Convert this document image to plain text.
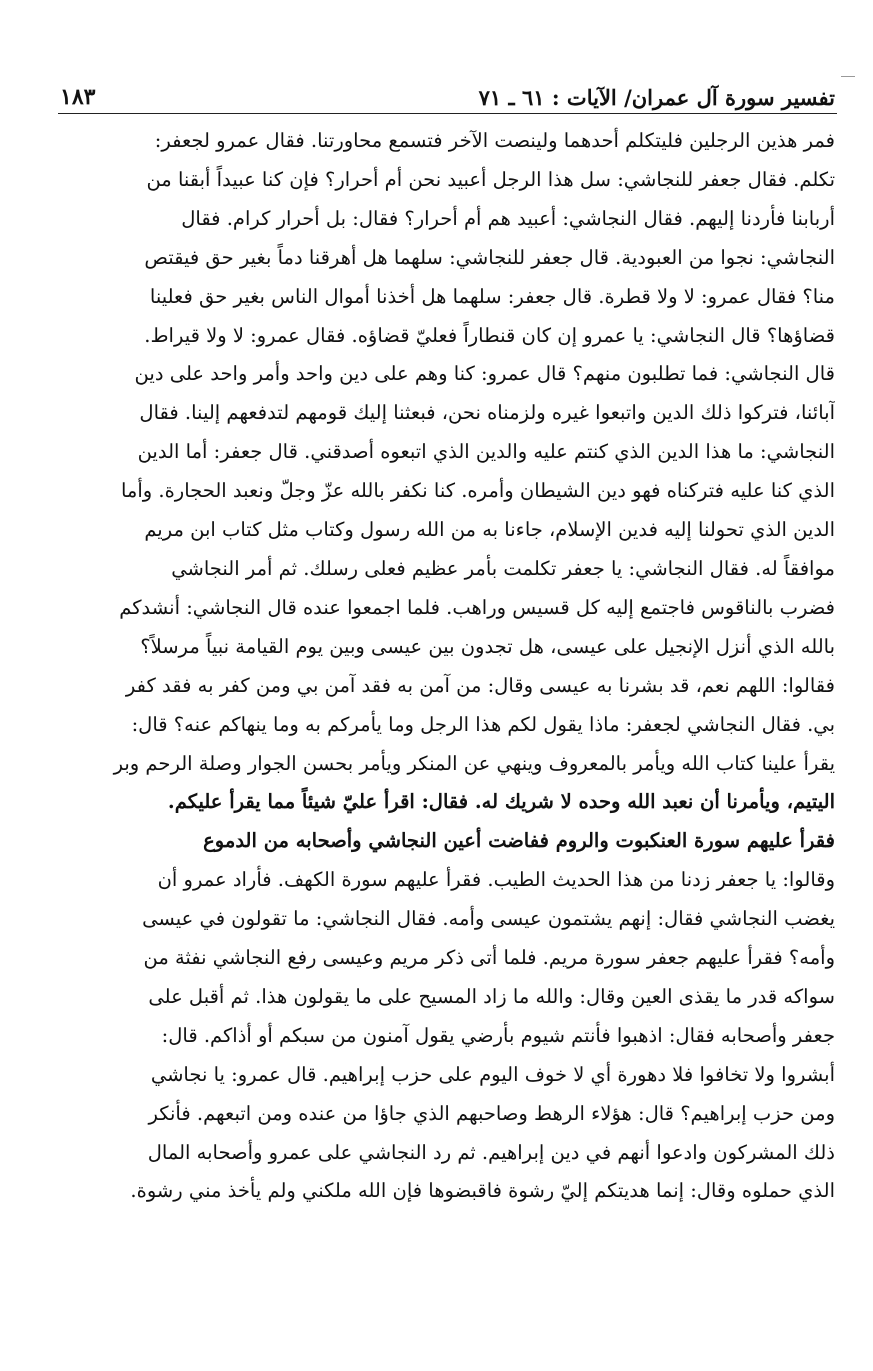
تفسير سورة آل عمران/ الآيات : ٦١ ـ ٧١
١٨٣
فمر هذين الرجلين فليتكلم أحدهما ولينصت الآخر فتسمع محاورتنا. فقال عمرو لجعفر:
تكلم. فقال جعفر للنجاشي: سل هذا الرجل أعبيد نحن أم أحرار؟ فإن كنا عبيداً أبقنا من
أربابنا فأردنا إليهم. فقال النجاشي: أعبيد هم أم أحرار؟ فقال: بل أحرار كرام. فقال
النجاشي: نجوا من العبودية. قال جعفر للنجاشي: سلهما هل أهرقنا دماً بغير حق فيقتص
منا؟ فقال عمرو: لا ولا قطرة. قال جعفر: سلهما هل أخذنا أموال الناس بغير حق فعلينا
قضاؤها؟ قال النجاشي: يا عمرو إن كان قنطاراً فعليّ قضاؤه. فقال عمرو: لا ولا قيراط.
قال النجاشي: فما تطلبون منهم؟ قال عمرو: كنا وهم على دين واحد وأمر واحد على دين
آبائنا، فتركوا ذلك الدين واتبعوا غيره ولزمناه نحن، فبعثنا إليك قومهم لتدفعهم إلينا. فقال
النجاشي: ما هذا الدين الذي كنتم عليه والدين الذي اتبعوه أصدقني. قال جعفر: أما الدين
الذي كنا عليه فتركناه فهو دين الشيطان وأمره. كنا نكفر بالله عزّ وجلّ ونعبد الحجارة. وأما
الدين الذي تحولنا إليه فدين الإسلام، جاءنا به من الله رسول وكتاب مثل كتاب ابن مريم
موافقاً له. فقال النجاشي: يا جعفر تكلمت بأمر عظيم فعلى رسلك. ثم أمر النجاشي
فضرب بالناقوس فاجتمع إليه كل قسيس وراهب. فلما اجمعوا عنده قال النجاشي: أنشدكم
بالله الذي أنزل الإنجيل على عيسى، هل تجدون بين عيسى وبين يوم القيامة نبياً مرسلاً؟
فقالوا: اللهم نعم، قد بشرنا به عيسى وقال: من آمن به فقد آمن بي ومن كفر به فقد كفر
بي. فقال النجاشي لجعفر: ماذا يقول لكم هذا الرجل وما يأمركم به وما ينهاكم عنه؟ قال:
يقرأ علينا كتاب الله ويأمر بالمعروف وينهي عن المنكر ويأمر بحسن الجوار وصلة الرحم وبر
اليتيم، ويأمرنا أن نعبد الله وحده لا شريك له. فقال: اقرأ عليّ شيئاً مما يقرأ عليكم.
فقرأ عليهم سورة العنكبوت والروم ففاضت أعين النجاشي وأصحابه من الدموع
وقالوا: يا جعفر زدنا من هذا الحديث الطيب. فقرأ عليهم سورة الكهف. فأراد عمرو أن
يغضب النجاشي فقال: إنهم يشتمون عيسى وأمه. فقال النجاشي: ما تقولون في عيسى
وأمه؟ فقرأ عليهم جعفر سورة مريم. فلما أتى ذكر مريم وعيسى رفع النجاشي نفثة من
سواكه قدر ما يقذى العين وقال: والله ما زاد المسيح على ما يقولون هذا. ثم أقبل على
جعفر وأصحابه فقال: اذهبوا فأنتم شيوم بأرضي يقول آمنون من سبكم أو أذاكم. قال:
أبشروا ولا تخافوا فلا دهورة أي لا خوف اليوم على حزب إبراهيم. قال عمرو: يا نجاشي
ومن حزب إبراهيم؟ قال: هؤلاء الرهط وصاحبهم الذي جاؤا من عنده ومن اتبعهم. فأنكر
ذلك المشركون وادعوا أنهم في دين إبراهيم. ثم رد النجاشي على عمرو وأصحابه المال
الذي حملوه وقال: إنما هديتكم إليّ رشوة فاقبضوها فإن الله ملكني ولم يأخذ مني رشوة.
